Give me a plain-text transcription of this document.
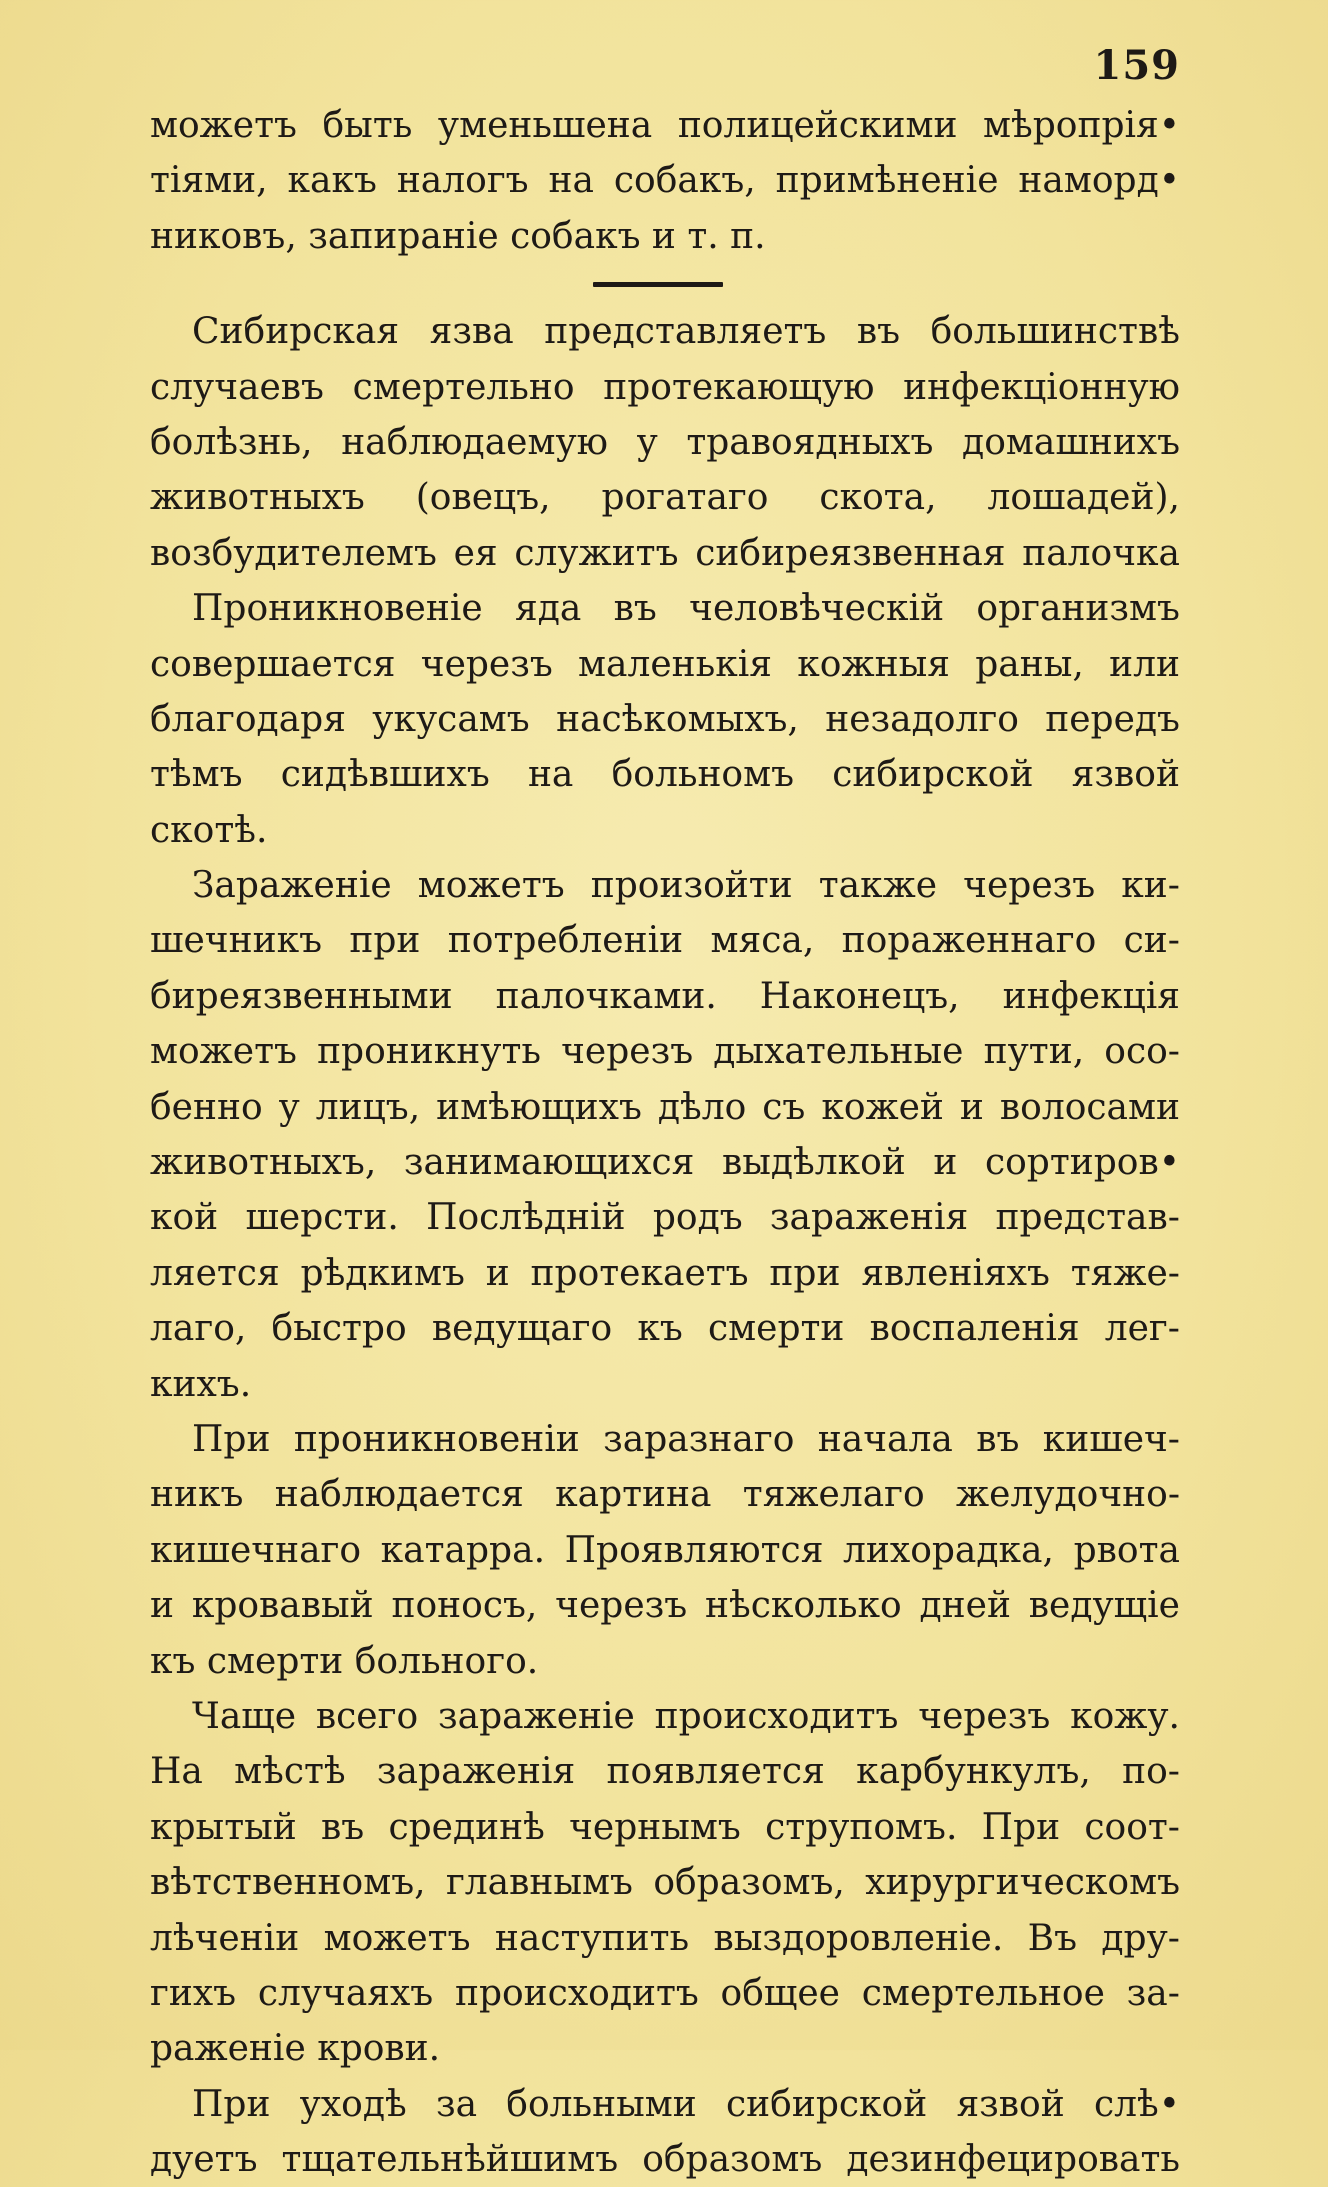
159
можетъ быть уменьшена полицейскими мѣропрія•
тіями, какъ налогъ на собакъ, примѣненіе наморд•
никовъ, запираніе собакъ и т. п.
Сибирская язва представляетъ въ большинствѣ
случаевъ смертельно протекающую инфекціонную
болѣзнь, наблюдаемую у травоядныхъ домашнихъ
животныхъ (овецъ, рогатаго скота, лошадей),
возбудителемъ ея служитъ сибиреязвенная палочка
Проникновеніе яда въ человѣческій организмъ
совершается черезъ маленькія кожныя раны, или
благодаря укусамъ насѣкомыхъ, незадолго передъ
тѣмъ сидѣвшихъ на больномъ сибирской язвой
скотѣ.
Зараженіе можетъ произойти также черезъ ки-
шечникъ при потребленіи мяса, пораженнаго си-
биреязвенными палочками. Наконецъ, инфекція
можетъ проникнуть черезъ дыхательные пути, осо-
бенно у лицъ, имѣющихъ дѣло съ кожей и волосами
животныхъ, занимающихся выдѣлкой и сортиров•
кой шерсти. Послѣдній родъ зараженія представ-
ляется рѣдкимъ и протекаетъ при явленіяхъ тяже-
лаго, быстро ведущаго къ смерти воспаленія лег-
кихъ.
При проникновеніи заразнаго начала въ кишеч-
никъ наблюдается картина тяжелаго желудочно-
кишечнаго катарра. Проявляются лихорадка, рвота
и кровавый поносъ, черезъ нѣсколько дней ведущіе
къ смерти больного.
Чаще всего зараженіе происходитъ черезъ кожу.
На мѣстѣ зараженія появляется карбункулъ, по-
крытый въ срединѣ чернымъ струпомъ. При соот-
вѣтственномъ, главнымъ образомъ, хирургическомъ
лѣченіи можетъ наступить выздоровленіе. Въ дру-
гихъ случаяхъ происходитъ общее смертельное за-
раженіе крови.
При уходѣ за больными сибирской язвой слѣ•
дуетъ тщательнѣйшимъ образомъ дезинфецировать
